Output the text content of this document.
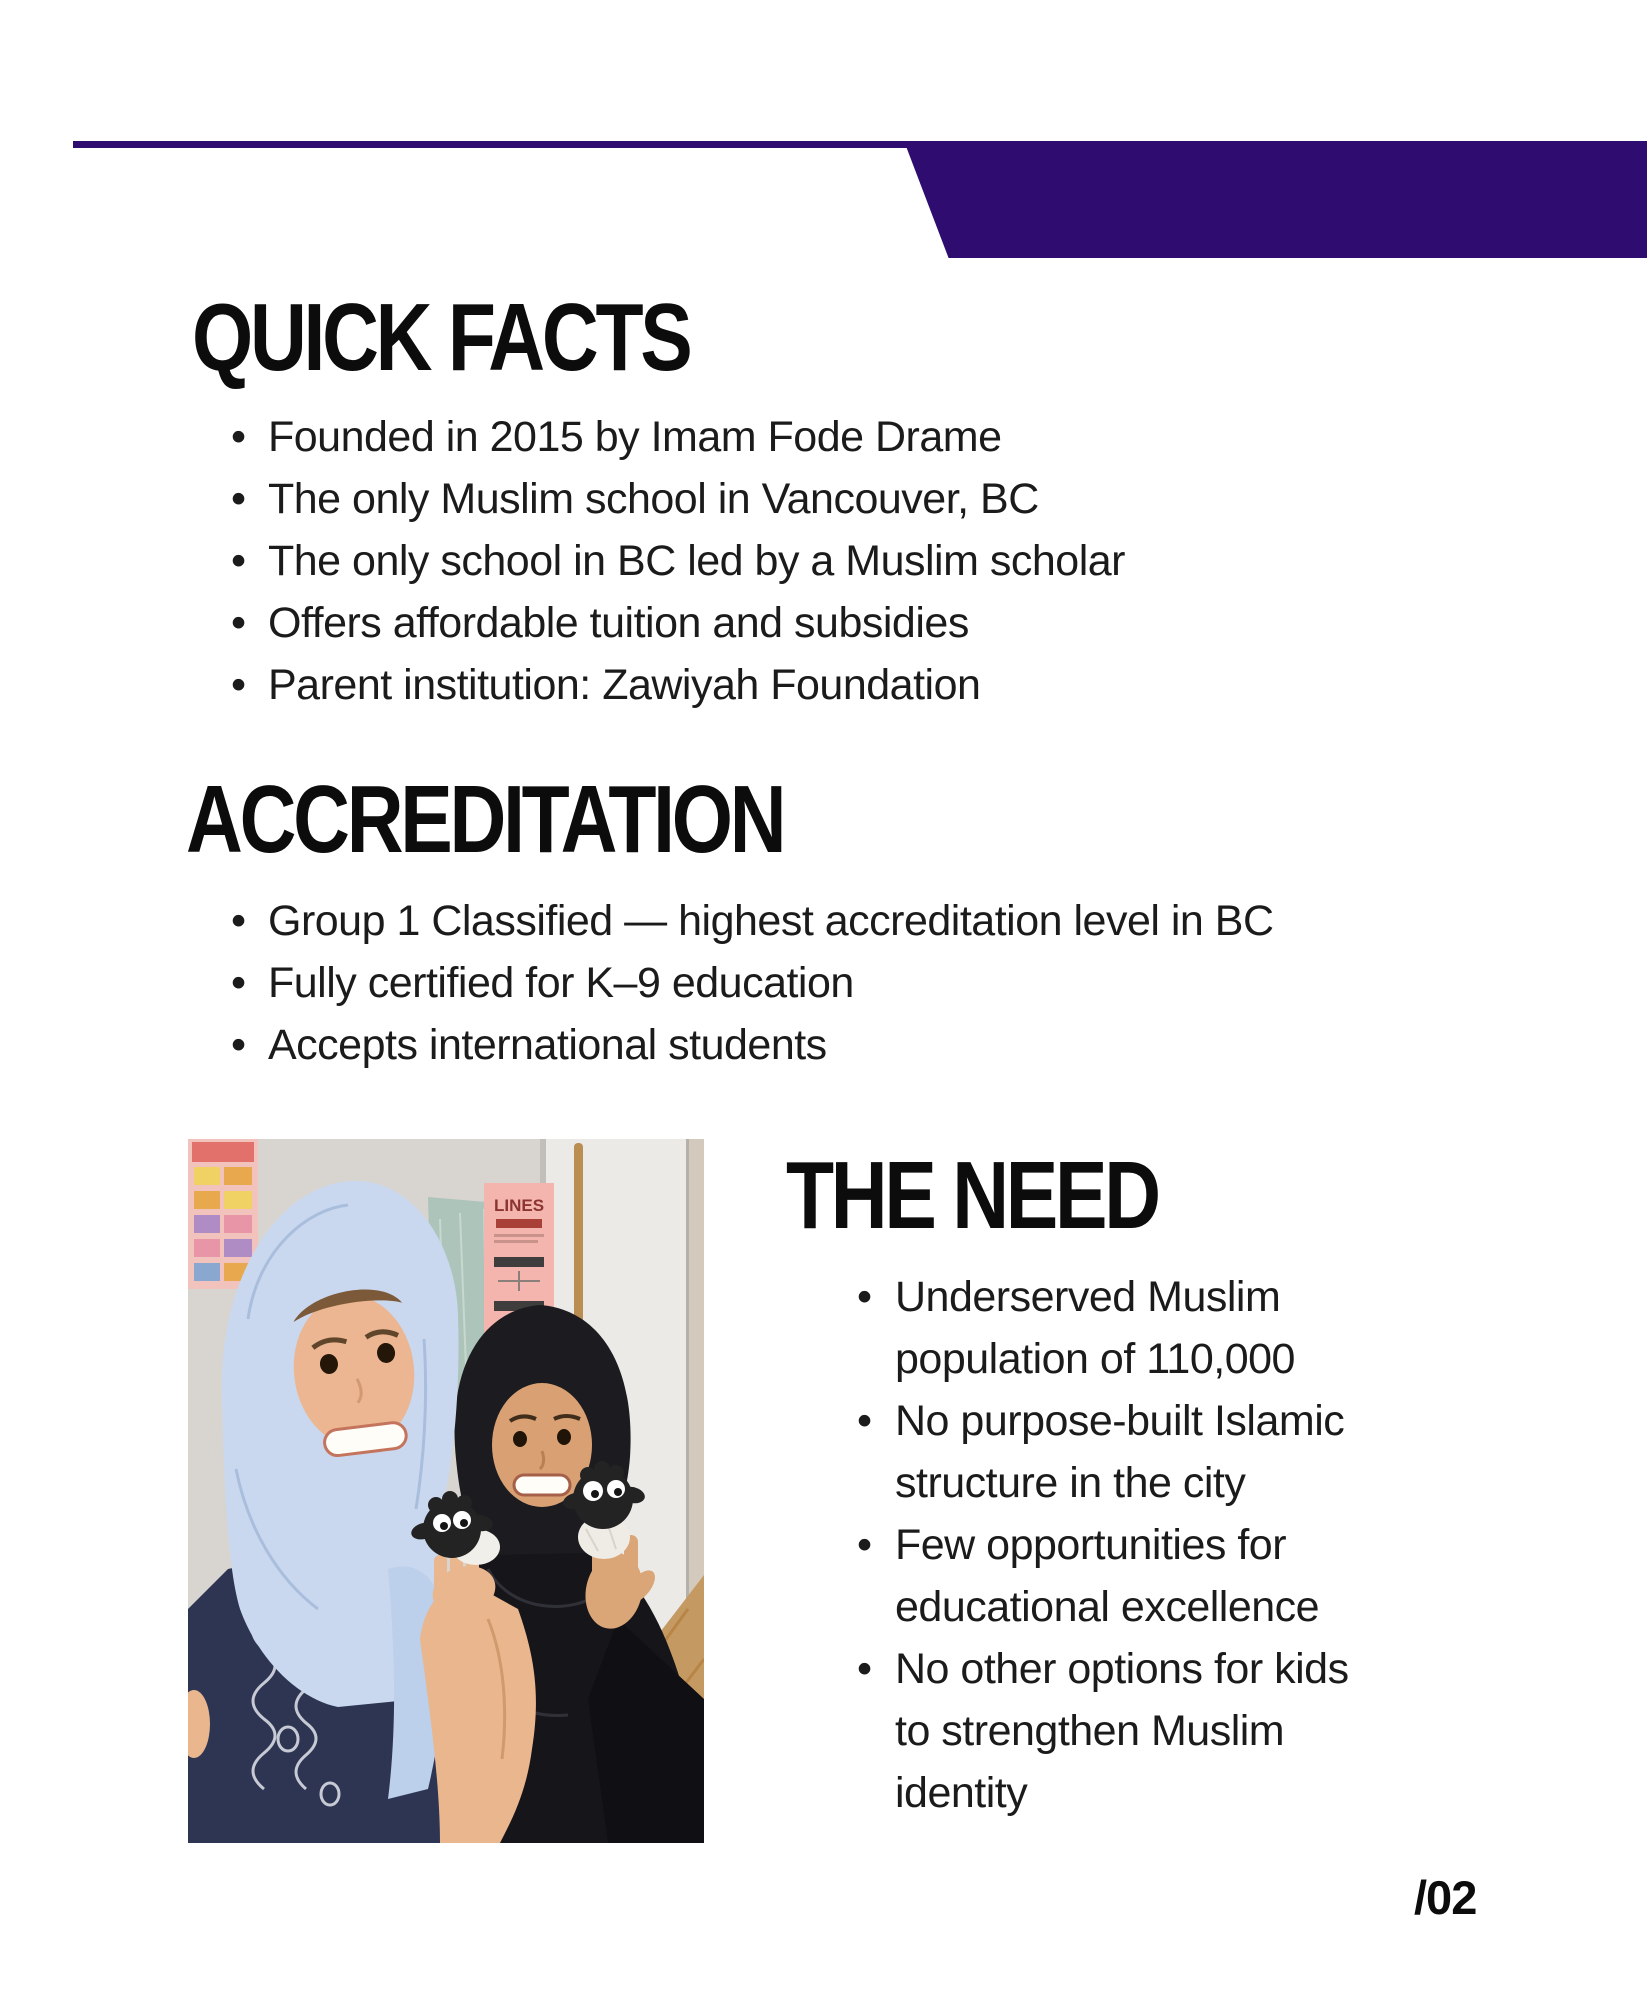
QUICK FACTS
• Founded in 2015 by Imam Fode Drame
• The only Muslim school in Vancouver, BC
• The only school in BC led by a Muslim scholar
• Offers affordable tuition and subsidies
• Parent institution: Zawiyah Foundation
ACCREDITATION
• Group 1 Classified — highest accreditation level in BC
• Fully certified for K–9 education
• Accepts international students
THE NEED
• Underserved Muslim population of 110,000
• No purpose-built Islamic structure in the city
• Few opportunities for educational excellence
• No other options for kids to strengthen Muslim identity
LINES
/02
